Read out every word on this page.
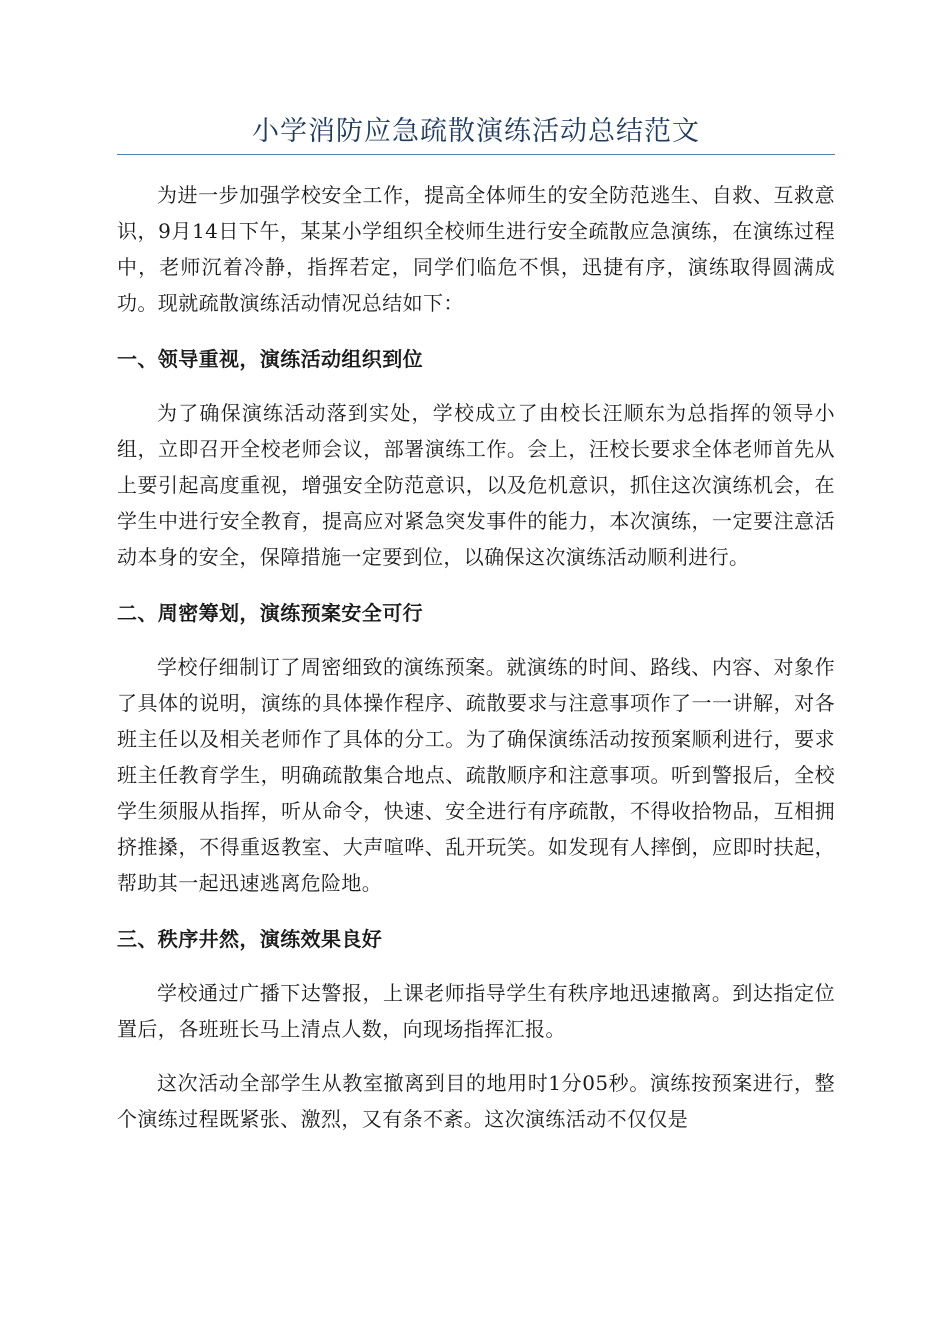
小学消防应急疏散演练活动总结范文

为进一步加强学校安全工作，提高全体师生的安全防范逃生、自救、互救意识，9月14日下午，某某小学组织全校师生进行安全疏散应急演练，在演练过程中，老师沉着冷静，指挥若定，同学们临危不惧，迅捷有序，演练取得圆满成功。现就疏散演练活动情况总结如下：

一、领导重视，演练活动组织到位

为了确保演练活动落到实处，学校成立了由校长汪顺东为总指挥的领导小组，立即召开全校老师会议，部署演练工作。会上，汪校长要求全体老师首先从上要引起高度重视，增强安全防范意识，以及危机意识，抓住这次演练机会，在学生中进行安全教育，提高应对紧急突发事件的能力，本次演练，一定要注意活动本身的安全，保障措施一定要到位，以确保这次演练活动顺利进行。

二、周密筹划，演练预案安全可行

学校仔细制订了周密细致的演练预案。就演练的时间、路线、内容、对象作了具体的说明，演练的具体操作程序、疏散要求与注意事项作了一一讲解，对各班主任以及相关老师作了具体的分工。为了确保演练活动按预案顺利进行，要求班主任教育学生，明确疏散集合地点、疏散顺序和注意事项。听到警报后，全校学生须服从指挥，听从命令，快速、安全进行有序疏散，不得收拾物品，互相拥挤推搡，不得重返教室、大声喧哗、乱开玩笑。如发现有人摔倒，应即时扶起，帮助其一起迅速逃离危险地。

三、秩序井然，演练效果良好

学校通过广播下达警报，上课老师指导学生有秩序地迅速撤离。到达指定位置后，各班班长马上清点人数，向现场指挥汇报。

这次活动全部学生从教室撤离到目的地用时1分05秒。演练按预案进行，整个演练过程既紧张、激烈，又有条不紊。这次演练活动不仅仅是
